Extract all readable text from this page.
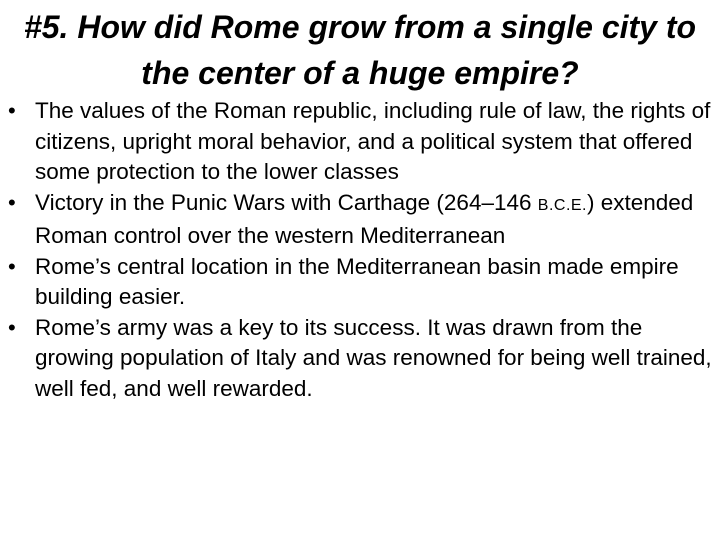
#5. How did Rome grow from a single city to the center of a huge empire?
• The values of the Roman republic, including rule of law, the rights of citizens, upright moral behavior, and a political system that offered some protection to the lower classes
• Victory in the Punic Wars with Carthage (264–146 B.C.E.) extended Roman control over the western Mediterranean
• Rome’s central location in the Mediterranean basin made empire building easier.
• Rome’s army was a key to its success. It was drawn from the growing population of Italy and was renowned for being well trained, well fed, and well rewarded.
